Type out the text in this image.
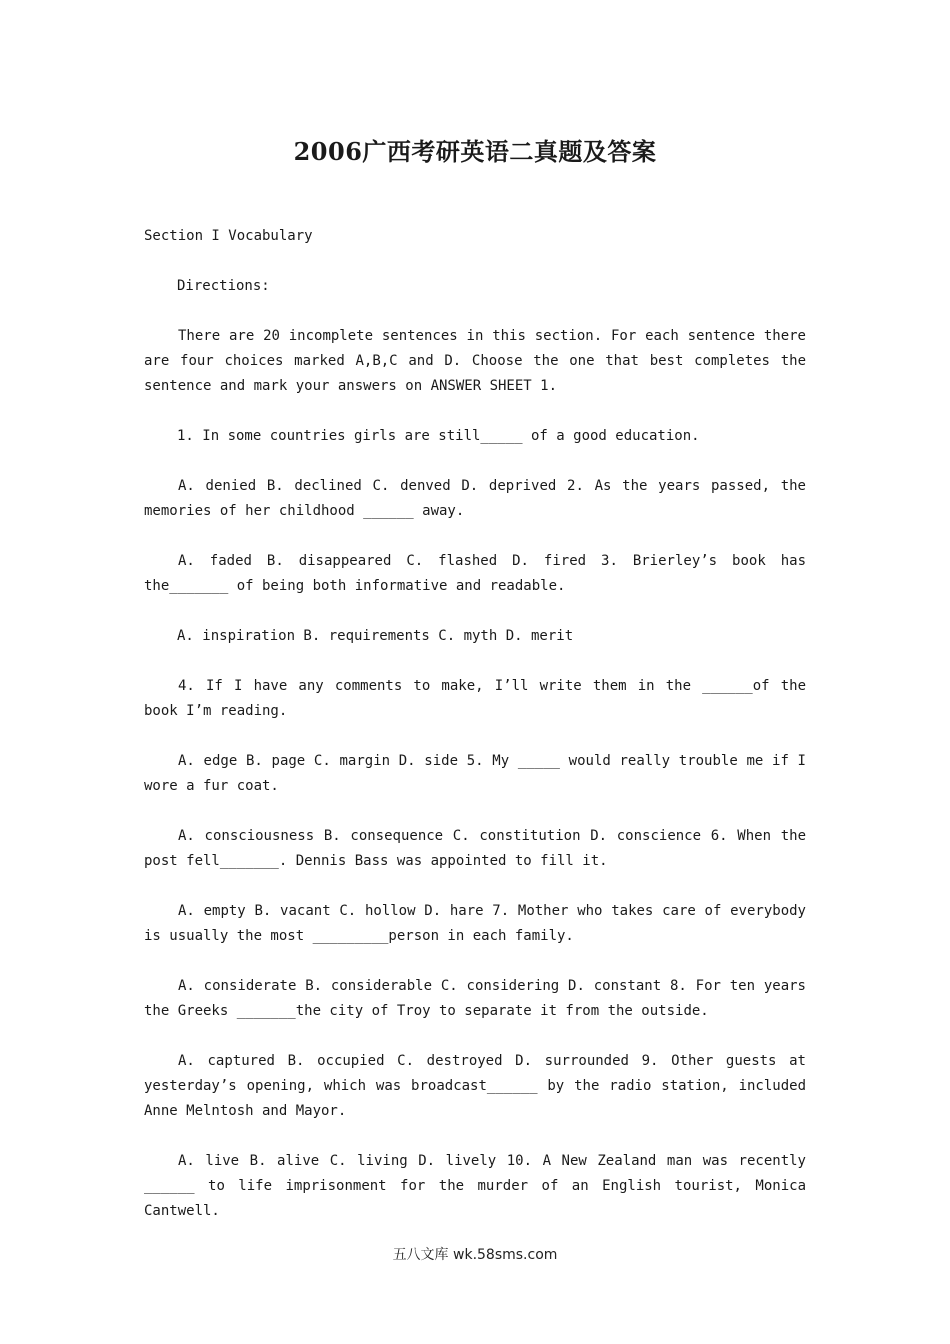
2006广西考研英语二真题及答案

Section I Vocabulary

Directions:

There are 20 incomplete sentences in this section. For each sentence there are four choices marked A,B,C and D. Choose the one that best completes the sentence and mark your answers on ANSWER SHEET 1.

1. In some countries girls are still_____ of a good education.

A. denied B. declined C. denved D. deprived 2. As the years passed, the memories of her childhood ______ away.

A. faded B. disappeared C. flashed D. fired 3. Brierley’s book has the_______ of being both informative and readable.

A. inspiration B. requirements C. myth D. merit

4. If I have any comments to make, I’ll write them in the ______of the book I’m reading.

A. edge B. page C. margin D. side 5. My _____ would really trouble me if I wore a fur coat.

A. consciousness B. consequence C. constitution D. conscience 6. When the post fell_______. Dennis Bass was appointed to fill it.

A. empty B. vacant C. hollow D. hare 7. Mother who takes care of everybody is usually the most _________person in each family.

A. considerate B. considerable C. considering D. constant 8. For ten years the Greeks _______the city of Troy to separate it from the outside.

A. captured B. occupied C. destroyed D. surrounded 9. Other guests at yesterday’s opening, which was broadcast______ by the radio station, included Anne Melntosh and Mayor.

A. live B. alive C. living D. lively 10. A New Zealand man was recently ______ to life imprisonment for the murder of an English tourist, Monica Cantwell.

五八文库 wk.58sms.com
